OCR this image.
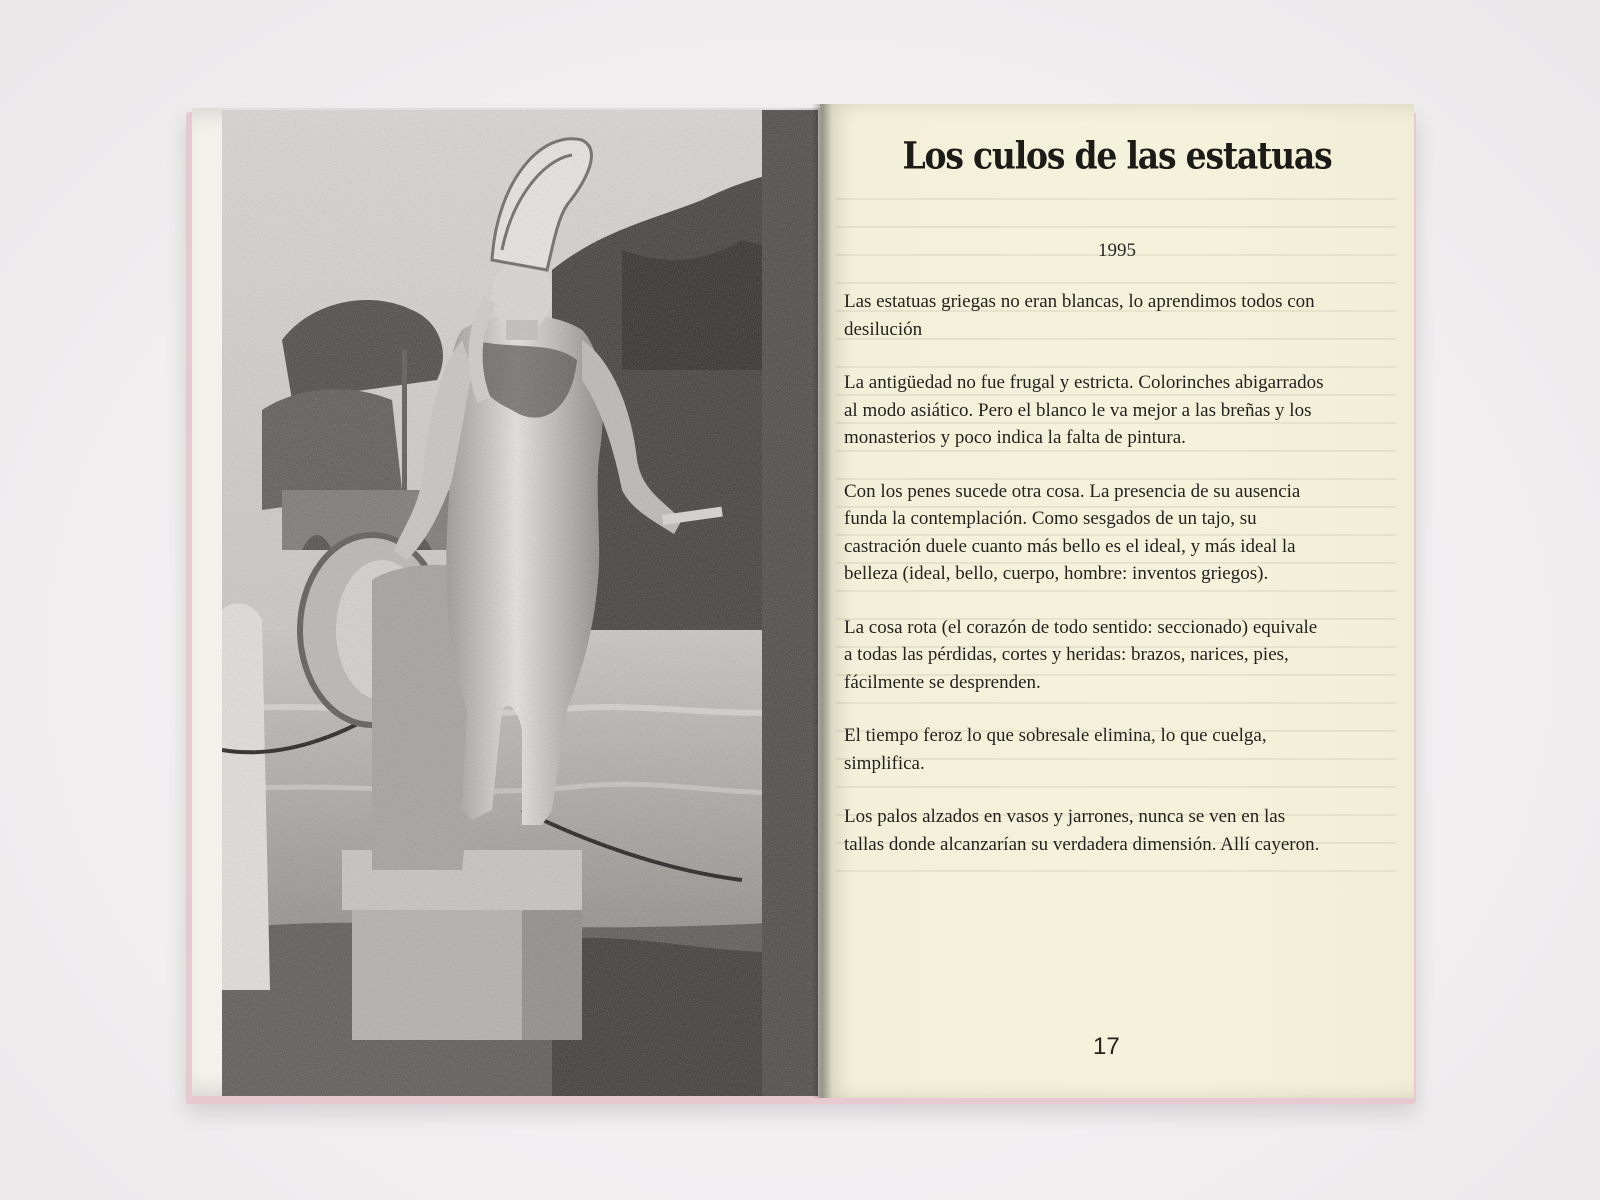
Los culos de las estatuas
1995

Las estatuas griegas no eran blancas, lo aprendimos todos con desilución

La antigüedad no fue frugal y estricta. Colorinches abigarrados al modo asiático. Pero el blanco le va mejor a las breñas y los monasterios y poco indica la falta de pintura.

Con los penes sucede otra cosa. La presencia de su ausencia funda la contemplación. Como sesgados de un tajo, su castración duele cuanto más bello es el ideal, y más ideal la belleza (ideal, bello, cuerpo, hombre: inventos griegos).

La cosa rota (el corazón de todo sentido: seccionado) equivale a todas las pérdidas, cortes y heridas: brazos, narices, pies, fácilmente se desprenden.

El tiempo feroz lo que sobresale elimina, lo que cuelga, simplifica.

Los palos alzados en vasos y jarrones, nunca se ven en las tallas donde alcanzarían su verdadera dimensión. Allí cayeron.

17
